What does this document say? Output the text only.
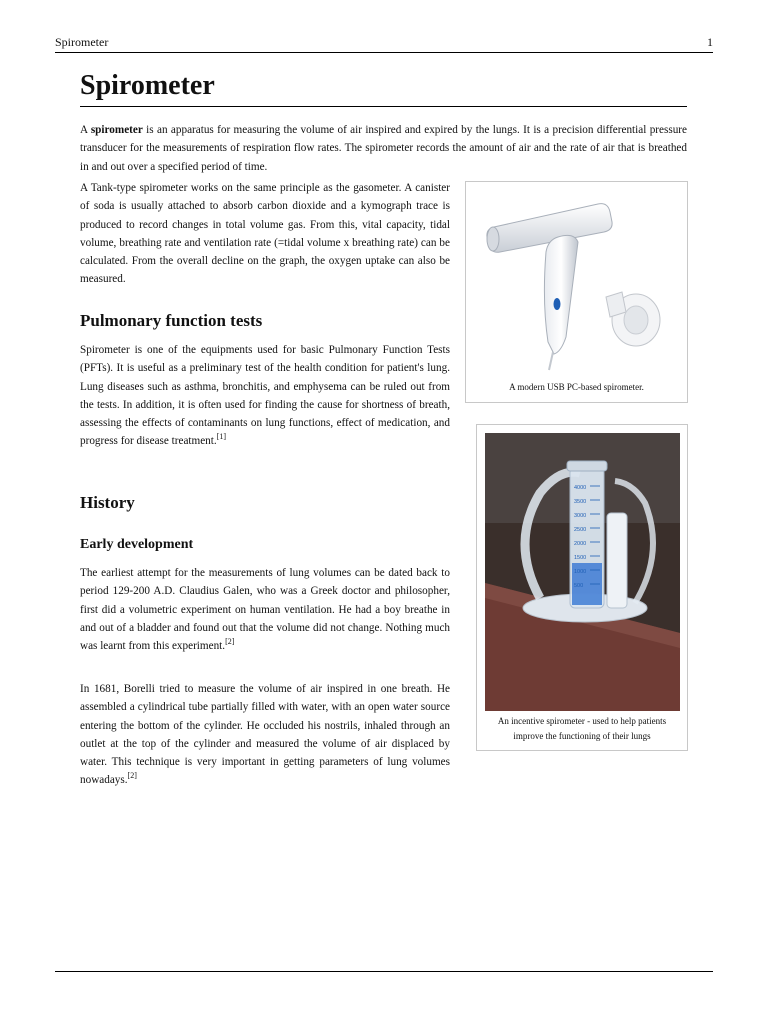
Spirometer	1
Spirometer

A spirometer is an apparatus for measuring the volume of air inspired and expired by the lungs. It is a precision differential pressure transducer for the measurements of respiration flow rates. The spirometer records the amount of air and the rate of air that is breathed in and out over a specified period of time.

A Tank-type spirometer works on the same principle as the gasometer. A canister of soda is usually attached to absorb carbon dioxide and a kymograph trace is produced to record changes in total volume gas. From this, vital capacity, tidal volume, breathing rate and ventilation rate (=tidal volume x breathing rate) can be calculated. From the overall decline on the graph, the oxygen uptake can also be measured.

Pulmonary function tests

Spirometer is one of the equipments used for basic Pulmonary Function Tests (PFTs). It is useful as a preliminary test of the health condition for patient's lung. Lung diseases such as asthma, bronchitis, and emphysema can be ruled out from the tests. In addition, it is often used for finding the cause for shortness of breath, assessing the effects of contaminants on lung functions, effect of medication, and progress for disease treatment.[1]

History
Early development

The earliest attempt for the measurements of lung volumes can be dated back to period 129-200 A.D. Claudius Galen, who was a Greek doctor and philosopher, first did a volumetric experiment on human ventilation. He had a boy breathe in and out of a bladder and found out that the volume did not change. Nothing much was learnt from this experiment.[2]

In 1681, Borelli tried to measure the volume of air inspired in one breath. He assembled a cylindrical tube partially filled with water, with an open water source entering the bottom of the cylinder. He occluded his nostrils, inhaled through an outlet at the top of the cylinder and measured the volume of air displaced by water. This technique is very important in getting parameters of lung volumes nowadays.[2]

A modern USB PC-based spirometer.
4000
3500
3000
2500
2000
1500
1000
500
An incentive spirometer - used to help patients
improve the functioning of their lungs
